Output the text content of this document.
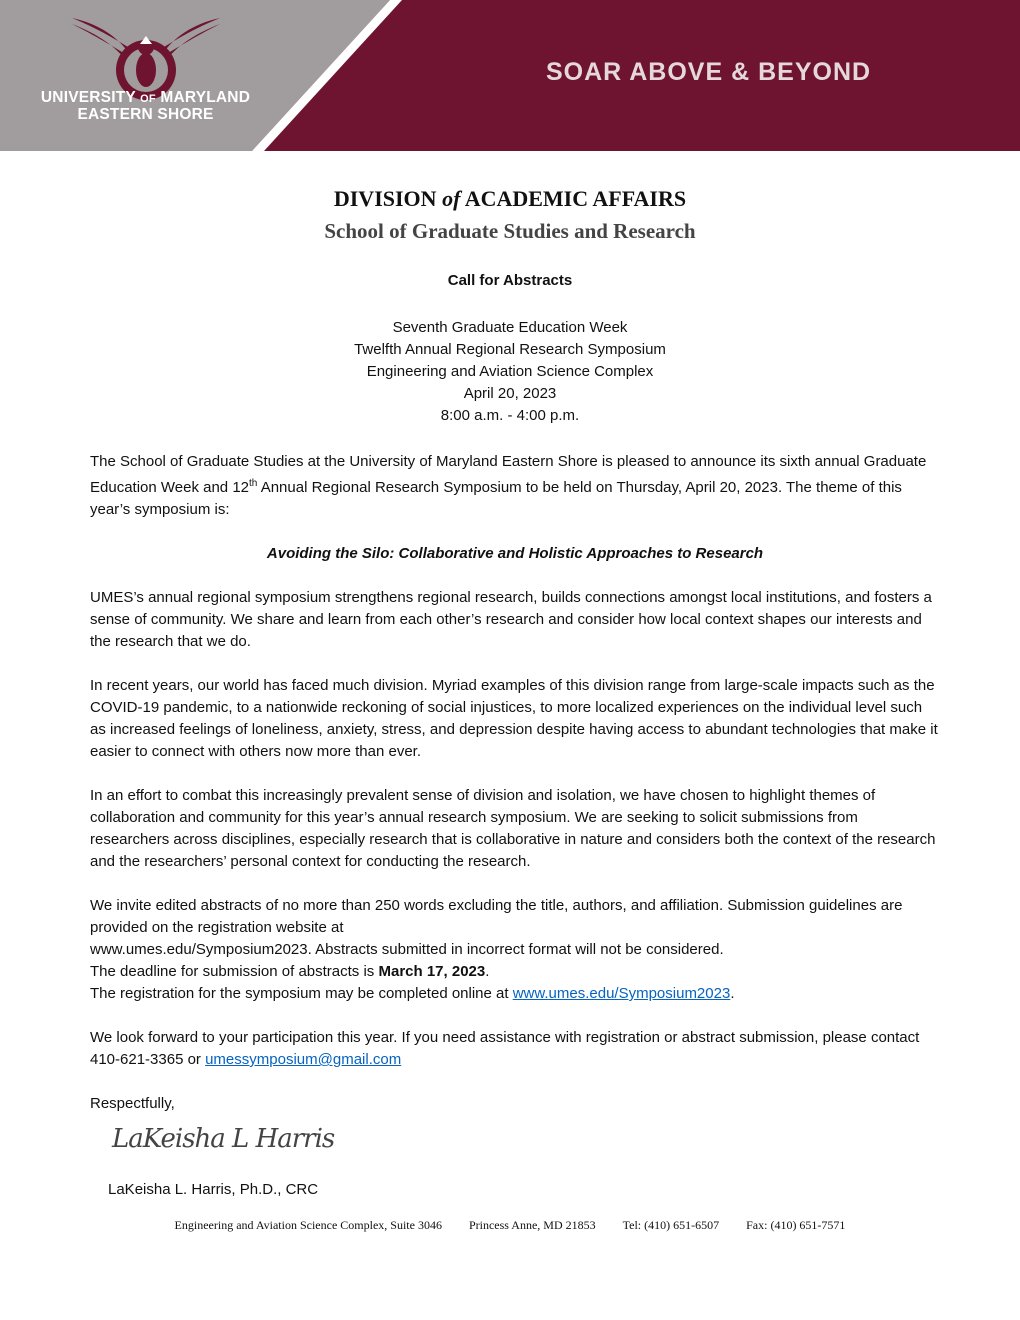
UNIVERSITY OF MARYLAND
EASTERN SHORE
SOAR ABOVE & BEYOND
DIVISION of ACADEMIC AFFAIRS
School of Graduate Studies and Research
Call for Abstracts
Seventh Graduate Education Week
Twelfth Annual Regional Research Symposium
Engineering and Aviation Science Complex
April 20, 2023
8:00 a.m. - 4:00 p.m.

The School of Graduate Studies at the University of Maryland Eastern Shore is pleased to announce its sixth annual Graduate Education Week and 12th Annual Regional Research Symposium to be held on Thursday, April 20, 2023. The theme of this year’s symposium is:

Avoiding the Silo: Collaborative and Holistic Approaches to Research

UMES’s annual regional symposium strengthens regional research, builds connections amongst local institutions, and fosters a sense of community. We share and learn from each other’s research and consider how local context shapes our interests and the research that we do.

In recent years, our world has faced much division. Myriad examples of this division range from large-scale impacts such as the COVID-19 pandemic, to a nationwide reckoning of social injustices, to more localized experiences on the individual level such as increased feelings of loneliness, anxiety, stress, and depression despite having access to abundant technologies that make it easier to connect with others now more than ever.

In an effort to combat this increasingly prevalent sense of division and isolation, we have chosen to highlight themes of collaboration and community for this year’s annual research symposium. We are seeking to solicit submissions from researchers across disciplines, especially research that is collaborative in nature and considers both the context of the research and the researchers’ personal context for conducting the research.

We invite edited abstracts of no more than 250 words excluding the title, authors, and affiliation. Submission guidelines are provided on the registration website at
www.umes.edu/Symposium2023. Abstracts submitted in incorrect format will not be considered.
The deadline for submission of abstracts is March 17, 2023.
The registration for the symposium may be completed online at www.umes.edu/Symposium2023.

We look forward to your participation this year. If you need assistance with registration or abstract submission, please contact 410-621-3365 or umessymposium@gmail.com

Respectfully,

LaKeisha L Harris
LaKeisha L. Harris, Ph.D., CRC
Engineering and Aviation Science Complex, Suite 3046 Princess Anne, MD 21853 Tel: (410) 651-6507 Fax: (410) 651-7571
